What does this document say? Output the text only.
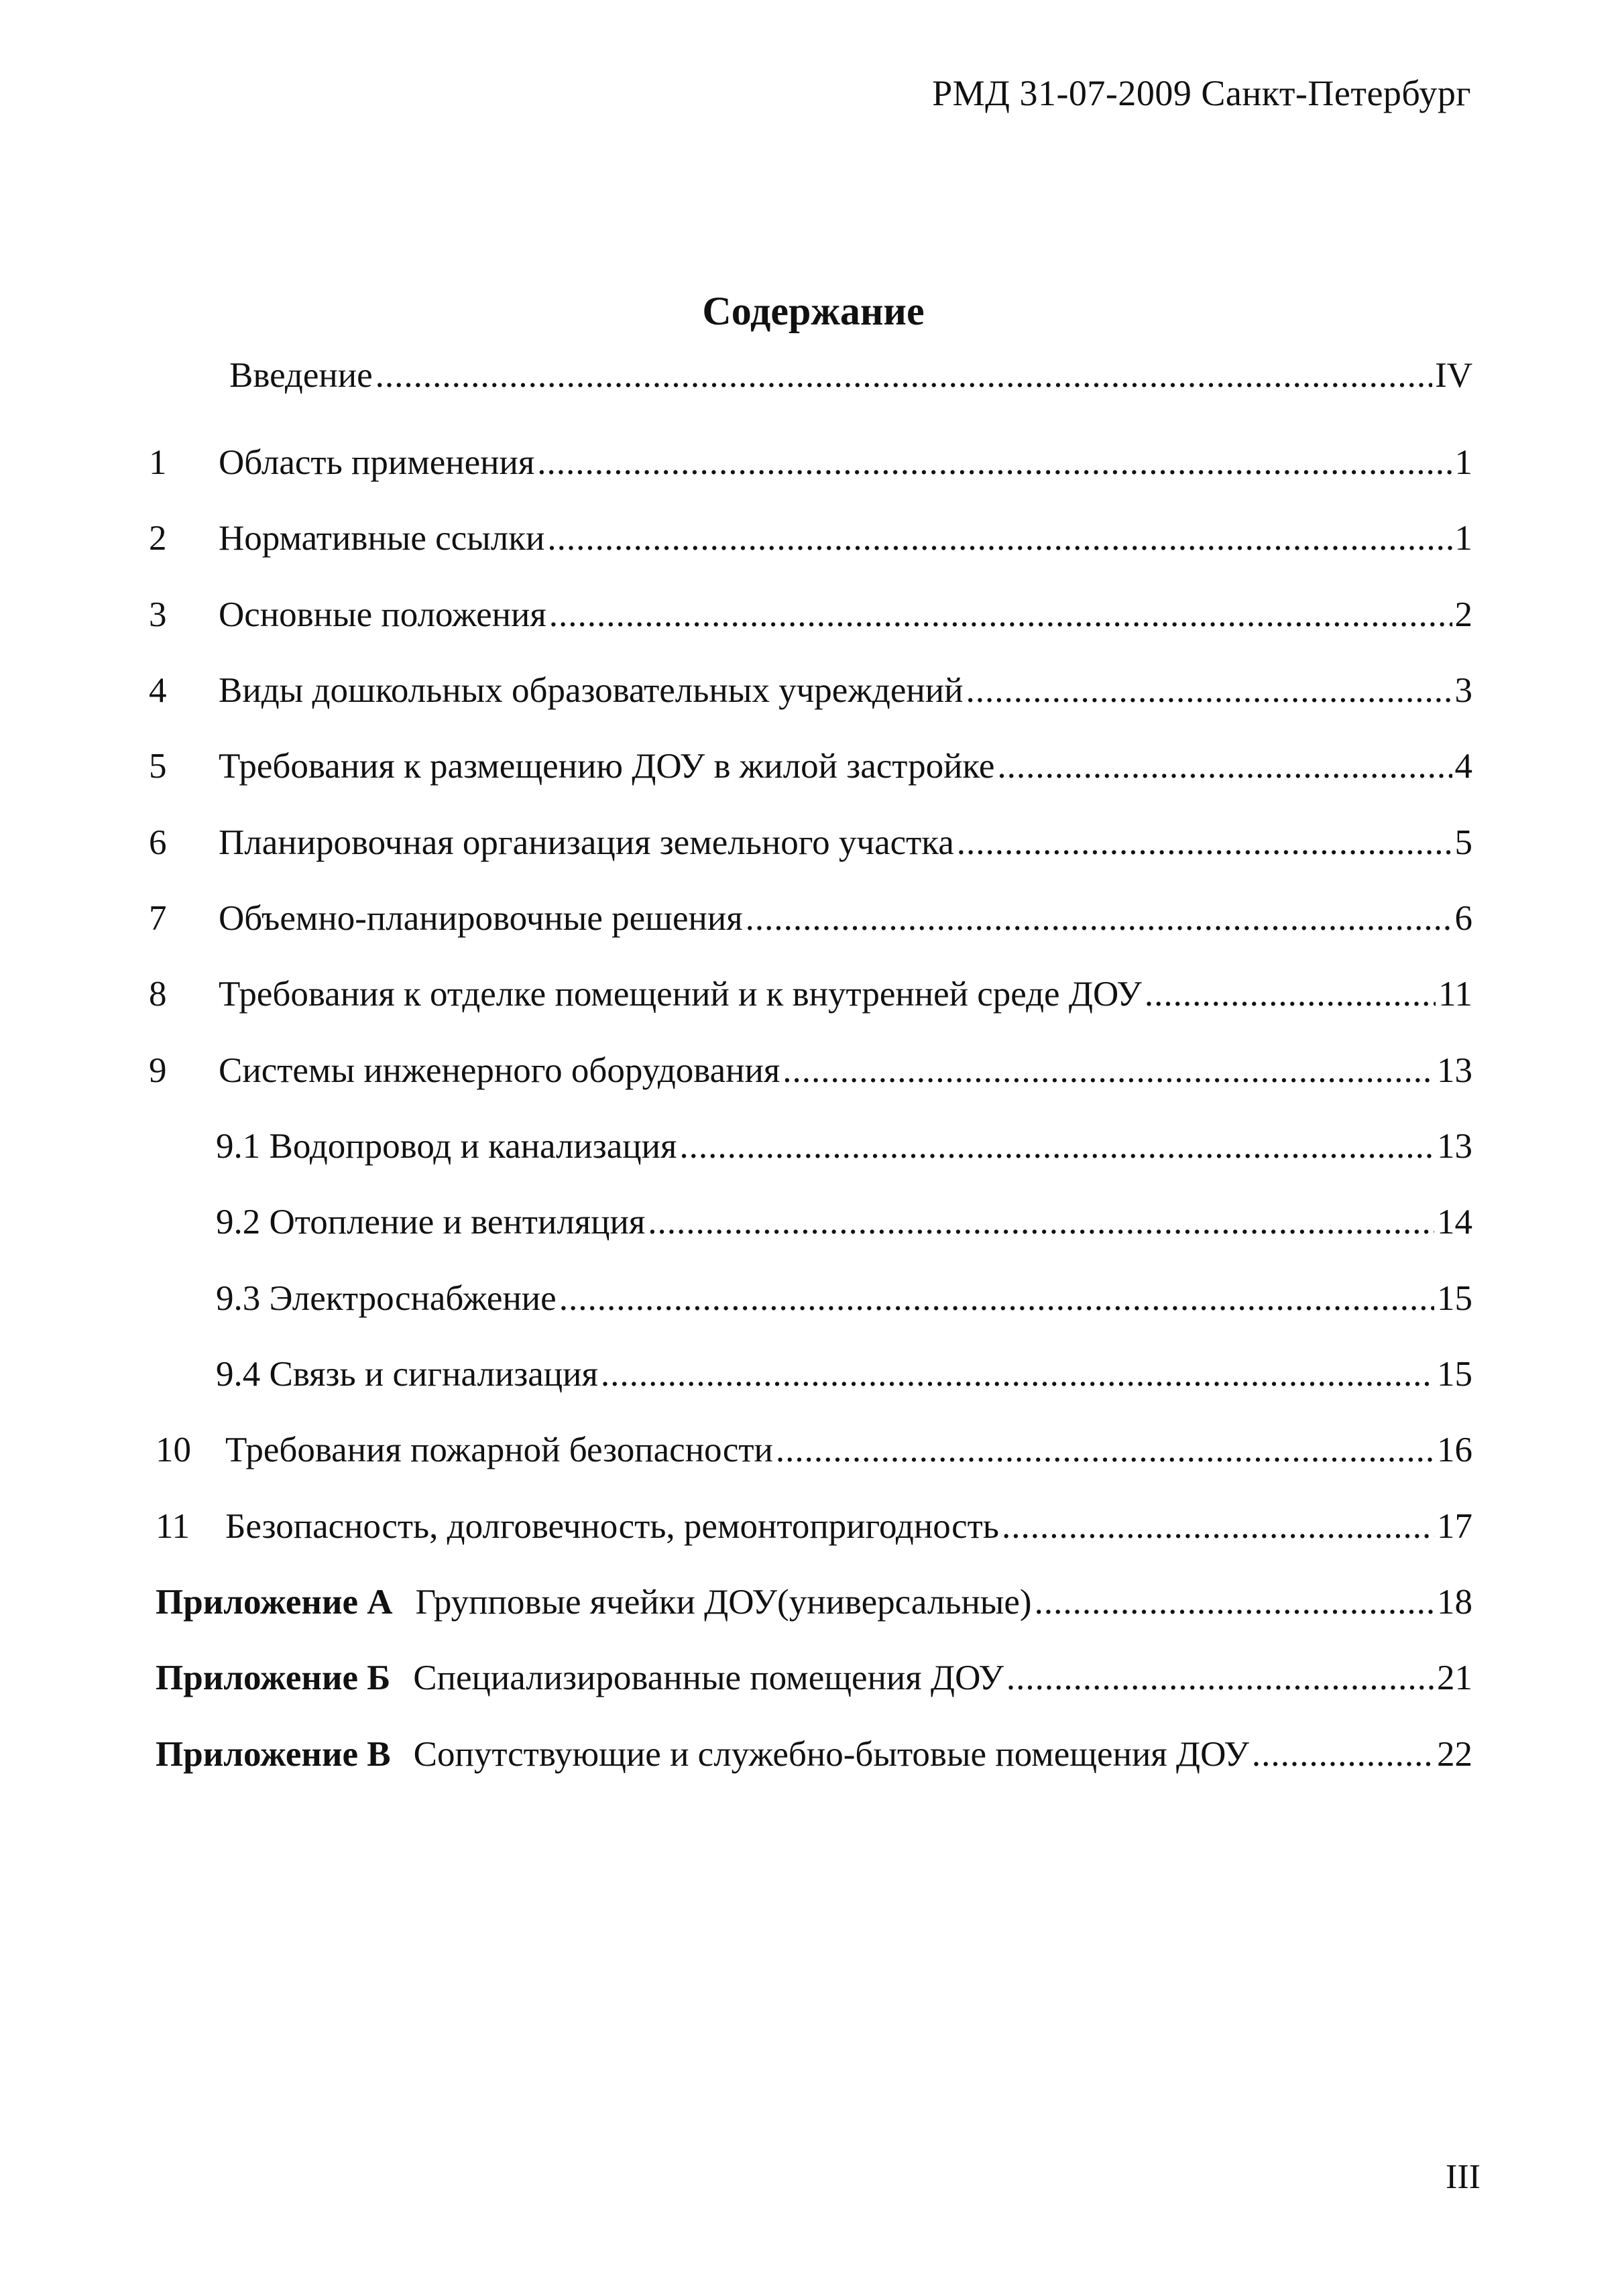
РМД 31-07-2009 Санкт-Петербург
Содержание
Введение .....	IV
1 Область применения .....	1
2 Нормативные ссылки .....	1
3 Основные положения .....	2
4 Виды дошкольных образовательных учреждений .....	3
5 Требования к размещению ДОУ в жилой застройке .....	4
6 Планировочная организация земельного участка .....	5
7 Объемно-планировочные решения .....	6
8 Требования к отделке помещений и к внутренней среде ДОУ .....	11
9 Системы инженерного оборудования .....	13
9.1 Водопровод и канализация .....	13
9.2 Отопление и вентиляция .....	14
9.3 Электроснабжение .....	15
9.4 Связь и сигнализация .....	15
10 Требования пожарной безопасности .....	16
11 Безопасность, долговечность, ремонтопригодность .....	17
Приложение А Групповые ячейки ДОУ(универсальные) .....	18
Приложение Б Специализированные помещения ДОУ .....	21
Приложение В Сопутствующие и служебно-бытовые помещения ДОУ .....	22
III
